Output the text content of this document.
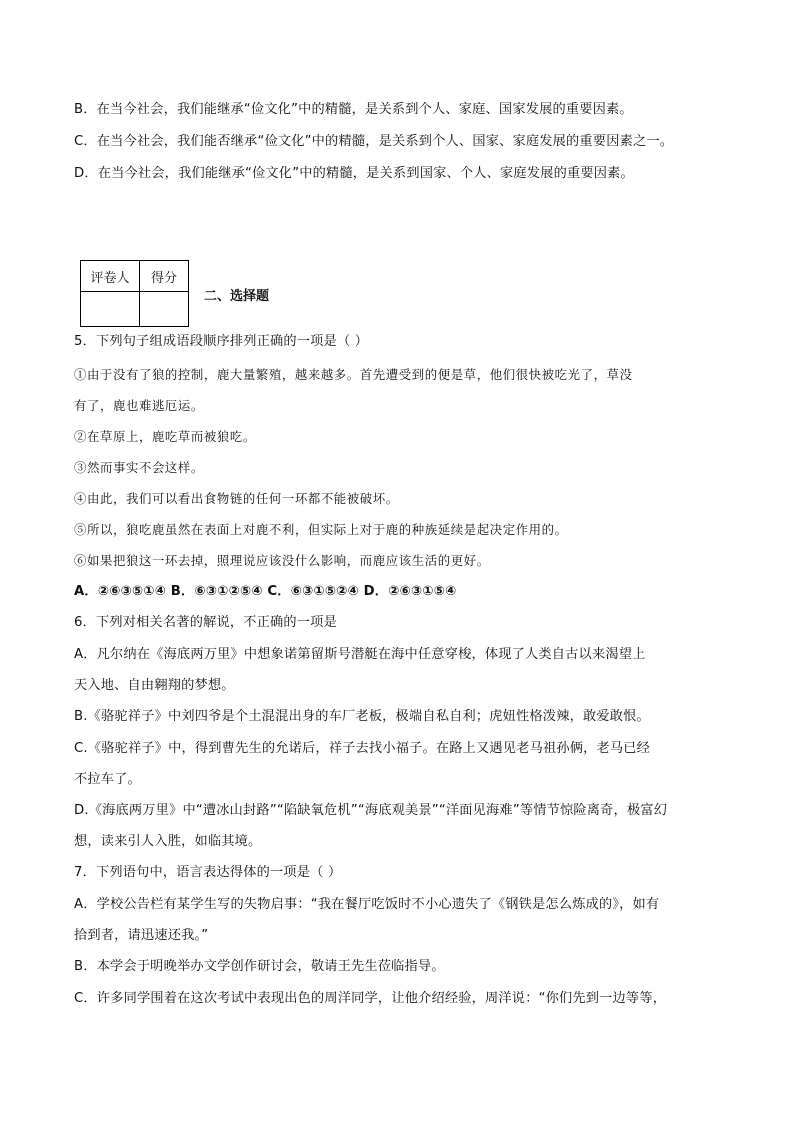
B．在当今社会，我们能继承“俭文化”中的精髓，是关系到个人、家庭、国家发展的重要因素。
C．在当今社会，我们能否继承“俭文化”中的精髓，是关系到个人、国家、家庭发展的重要因素之一。
D．在当今社会，我们能继承“俭文化”中的精髓，是关系到国家、个人、家庭发展的重要因素。
评卷人	得分

二、选择题
5．下列句子组成语段顺序排列正确的一项是（ ）
①由于没有了狼的控制，鹿大量繁殖，越来越多。首先遭受到的便是草，他们很快被吃光了，草没
有了，鹿也难逃厄运。
②在草原上，鹿吃草而被狼吃。
③然而事实不会这样。
④由此，我们可以看出食物链的任何一环都不能被破坏。
⑤所以，狼吃鹿虽然在表面上对鹿不利，但实际上对于鹿的种族延续是起决定作用的。
⑥如果把狼这一环去掉，照理说应该没什么影响，而鹿应该生活的更好。
A．②⑥③⑤①④ B．⑥③①②⑤④ C．⑥③①⑤②④ D．②⑥③①⑤④
6．下列对相关名著的解说，不正确的一项是
A．凡尔纳在《海底两万里》中想象诺第留斯号潜艇在海中任意穿梭，体现了人类自古以来渴望上
天入地、自由翱翔的梦想。
B.《骆驼祥子》中刘四爷是个土混混出身的车厂老板，极端自私自利；虎妞性格泼辣，敢爱敢恨。
C.《骆驼祥子》中，得到曹先生的允诺后，祥子去找小福子。在路上又遇见老马祖孙俩，老马已经
不拉车了。
D.《海底两万里》中“遭冰山封路”“陷缺氧危机”“海底观美景”“洋面见海难”等情节惊险离奇，极富幻
想，读来引人入胜，如临其境。
7．下列语句中，语言表达得体的一项是（ ）
A．学校公告栏有某学生写的失物启事：“我在餐厅吃饭时不小心遗失了《钢铁是怎么炼成的》，如有
拾到者，请迅速还我。”
B．本学会于明晚举办文学创作研讨会，敬请王先生莅临指导。
C．许多同学围着在这次考试中表现出色的周洋同学，让他介绍经验，周洋说：“你们先到一边等等，
